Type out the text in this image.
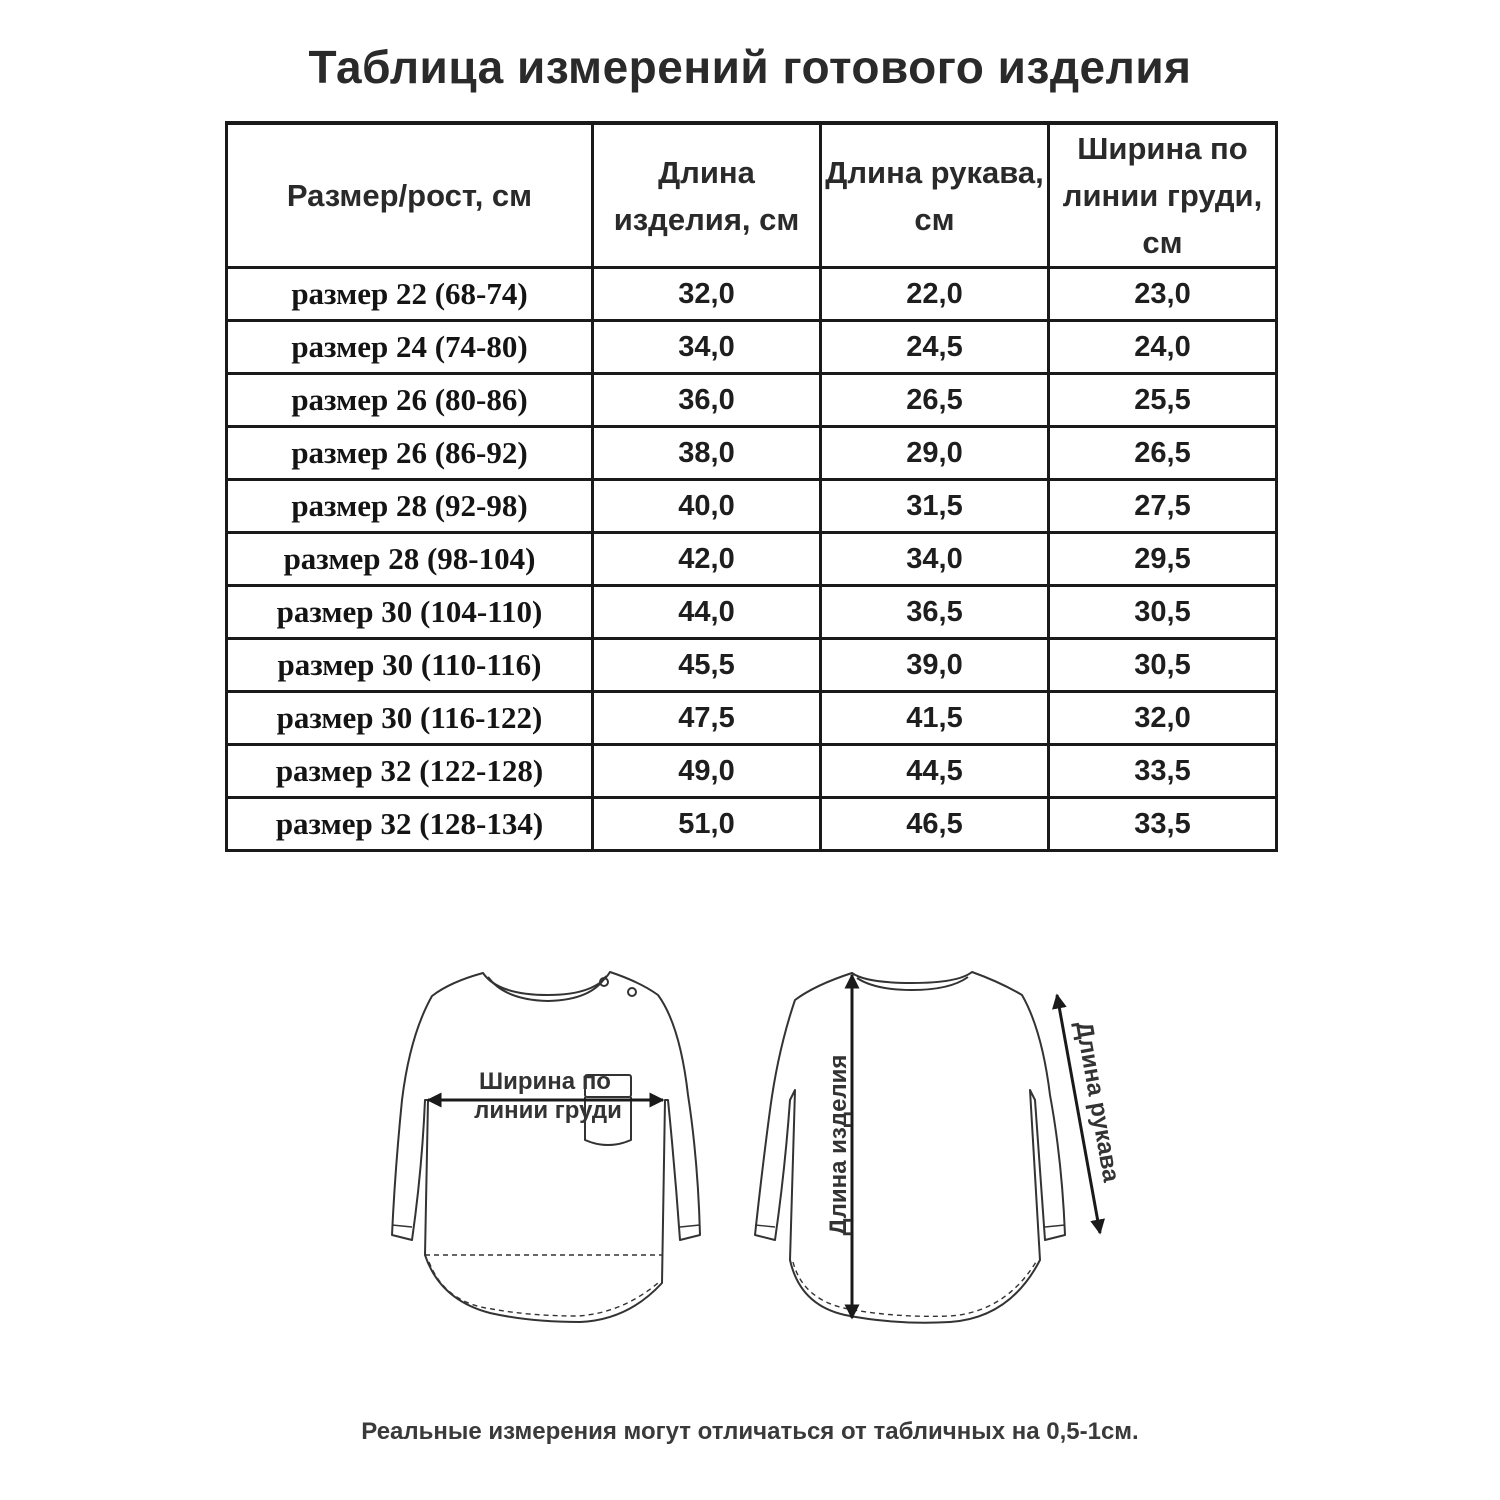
Таблица измерений готового изделия
Размер/рост, см	Длина изделия, см	Длина рукава, см	Ширина по линии груди, см
размер 22 (68-74)	32,0	22,0	23,0
размер 24 (74-80)	34,0	24,5	24,0
размер 26 (80-86)	36,0	26,5	25,5
размер 26 (86-92)	38,0	29,0	26,5
размер 28 (92-98)	40,0	31,5	27,5
размер 28 (98-104)	42,0	34,0	29,5
размер 30 (104-110)	44,0	36,5	30,5
размер 30 (110-116)	45,5	39,0	30,5
размер 30 (116-122)	47,5	41,5	32,0
размер 32 (122-128)	49,0	44,5	33,5
размер 32 (128-134)	51,0	46,5	33,5
Ширина по
линии груди	Длина изделия	Длина рукава
Реальные измерения могут отличаться от табличных на 0,5-1см.
